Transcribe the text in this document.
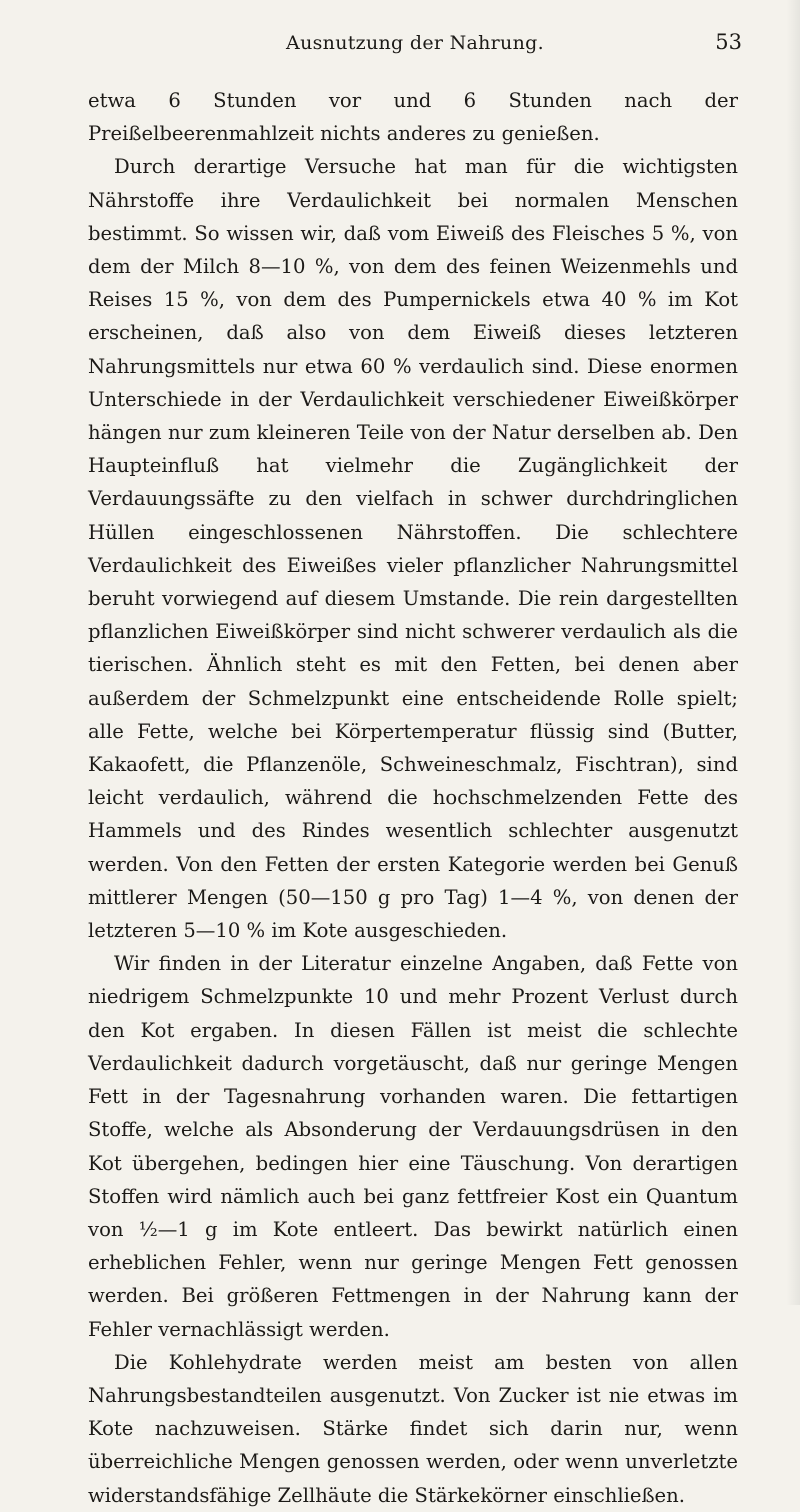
Ausnutzung der Nahrung.	53

etwa 6 Stunden vor und 6 Stunden nach der Preißelbeerenmahlzeit nichts anderes zu genießen.

Durch derartige Versuche hat man für die wichtigsten Nährstoffe ihre Verdaulichkeit bei normalen Menschen bestimmt. So wissen wir, daß vom Eiweiß des Fleisches 5 %, von dem der Milch 8—10 %, von dem des feinen Weizenmehls und Reises 15 %, von dem des Pumpernickels etwa 40 % im Kot erscheinen, daß also von dem Eiweiß dieses letzteren Nahrungsmittels nur etwa 60 % verdaulich sind. Diese enormen Unterschiede in der Verdaulichkeit verschiedener Eiweißkörper hängen nur zum kleineren Teile von der Natur derselben ab. Den Haupteinfluß hat vielmehr die Zugänglichkeit der Verdauungssäfte zu den vielfach in schwer durchdringlichen Hüllen eingeschlossenen Nährstoffen. Die schlechtere Verdaulichkeit des Eiweißes vieler pflanzlicher Nahrungsmittel beruht vorwiegend auf diesem Umstande. Die rein dargestellten pflanzlichen Eiweißkörper sind nicht schwerer verdaulich als die tierischen. Ähnlich steht es mit den Fetten, bei denen aber außerdem der Schmelzpunkt eine entscheidende Rolle spielt; alle Fette, welche bei Körpertemperatur flüssig sind (Butter, Kakaofett, die Pflanzenöle, Schweineschmalz, Fischtran), sind leicht verdaulich, während die hochschmelzenden Fette des Hammels und des Rindes wesentlich schlechter ausgenutzt werden. Von den Fetten der ersten Kategorie werden bei Genuß mittlerer Mengen (50—150 g pro Tag) 1—4 %, von denen der letzteren 5—10 % im Kote ausgeschieden.

Wir finden in der Literatur einzelne Angaben, daß Fette von niedrigem Schmelzpunkte 10 und mehr Prozent Verlust durch den Kot ergaben. In diesen Fällen ist meist die schlechte Verdaulichkeit dadurch vorgetäuscht, daß nur geringe Mengen Fett in der Tagesnahrung vorhanden waren. Die fettartigen Stoffe, welche als Absonderung der Verdauungsdrüsen in den Kot übergehen, bedingen hier eine Täuschung. Von derartigen Stoffen wird nämlich auch bei ganz fettfreier Kost ein Quantum von ½—1 g im Kote entleert. Das bewirkt natürlich einen erheblichen Fehler, wenn nur geringe Mengen Fett genossen werden. Bei größeren Fettmengen in der Nahrung kann der Fehler vernachlässigt werden.

Die Kohlehydrate werden meist am besten von allen Nahrungsbestandteilen ausgenutzt. Von Zucker ist nie etwas im Kote nachzuweisen. Stärke findet sich darin nur, wenn überreichliche Mengen genossen werden, oder wenn unverletzte widerstandsfähige Zellhäute die Stärkekörner einschließen.
